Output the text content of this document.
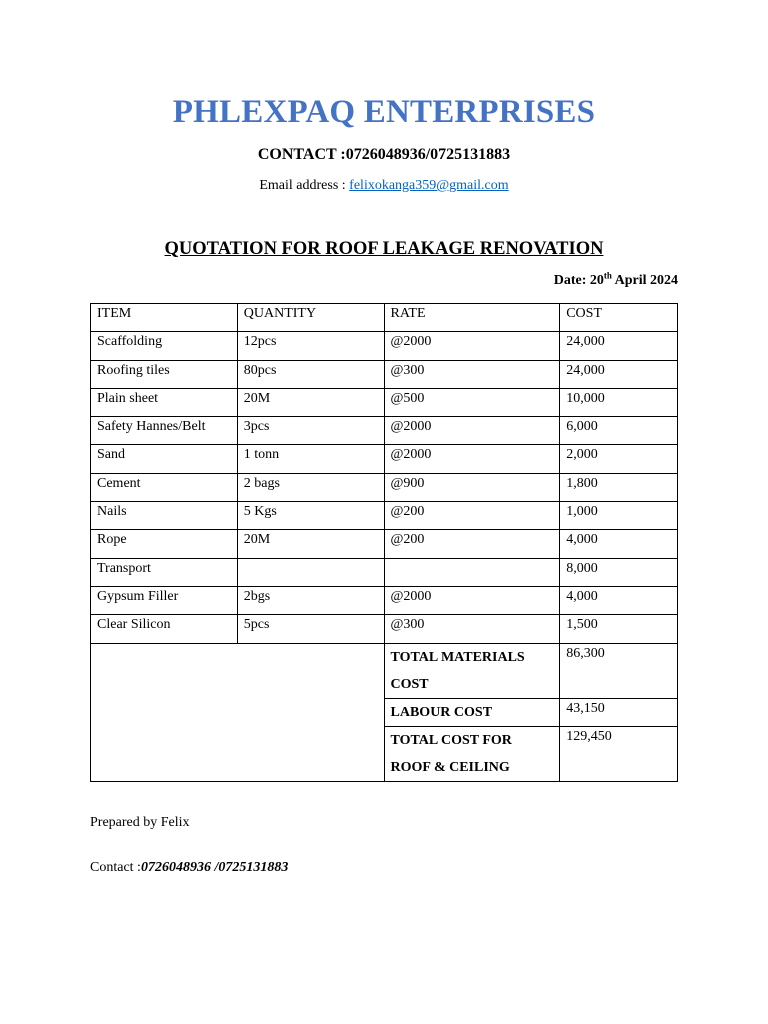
PHLEXPAQ ENTERPRISES
CONTACT :0726048936/0725131883
Email address : felixokanga359@gmail.com
QUOTATION FOR ROOF LEAKAGE RENOVATION
Date: 20th April 2024
ITEM	QUANTITY	RATE	COST
Scaffolding	12pcs	@2000	24,000
Roofing tiles	80pcs	@300	24,000
Plain sheet	20M	@500	10,000
Safety Hannes/Belt	3pcs	@2000	6,000
Sand	1 tonn	@2000	2,000
Cement	2 bags	@900	1,800
Nails	5 Kgs	@200	1,000
Rope	20M	@200	4,000
Transport			8,000
Gypsum Filler	2bgs	@2000	4,000
Clear Silicon	5pcs	@300	1,500
		TOTAL MATERIALS COST	86,300
		LABOUR COST	43,150
		TOTAL COST FOR ROOF & CEILING	129,450
Prepared by Felix
Contact :0726048936 /0725131883
